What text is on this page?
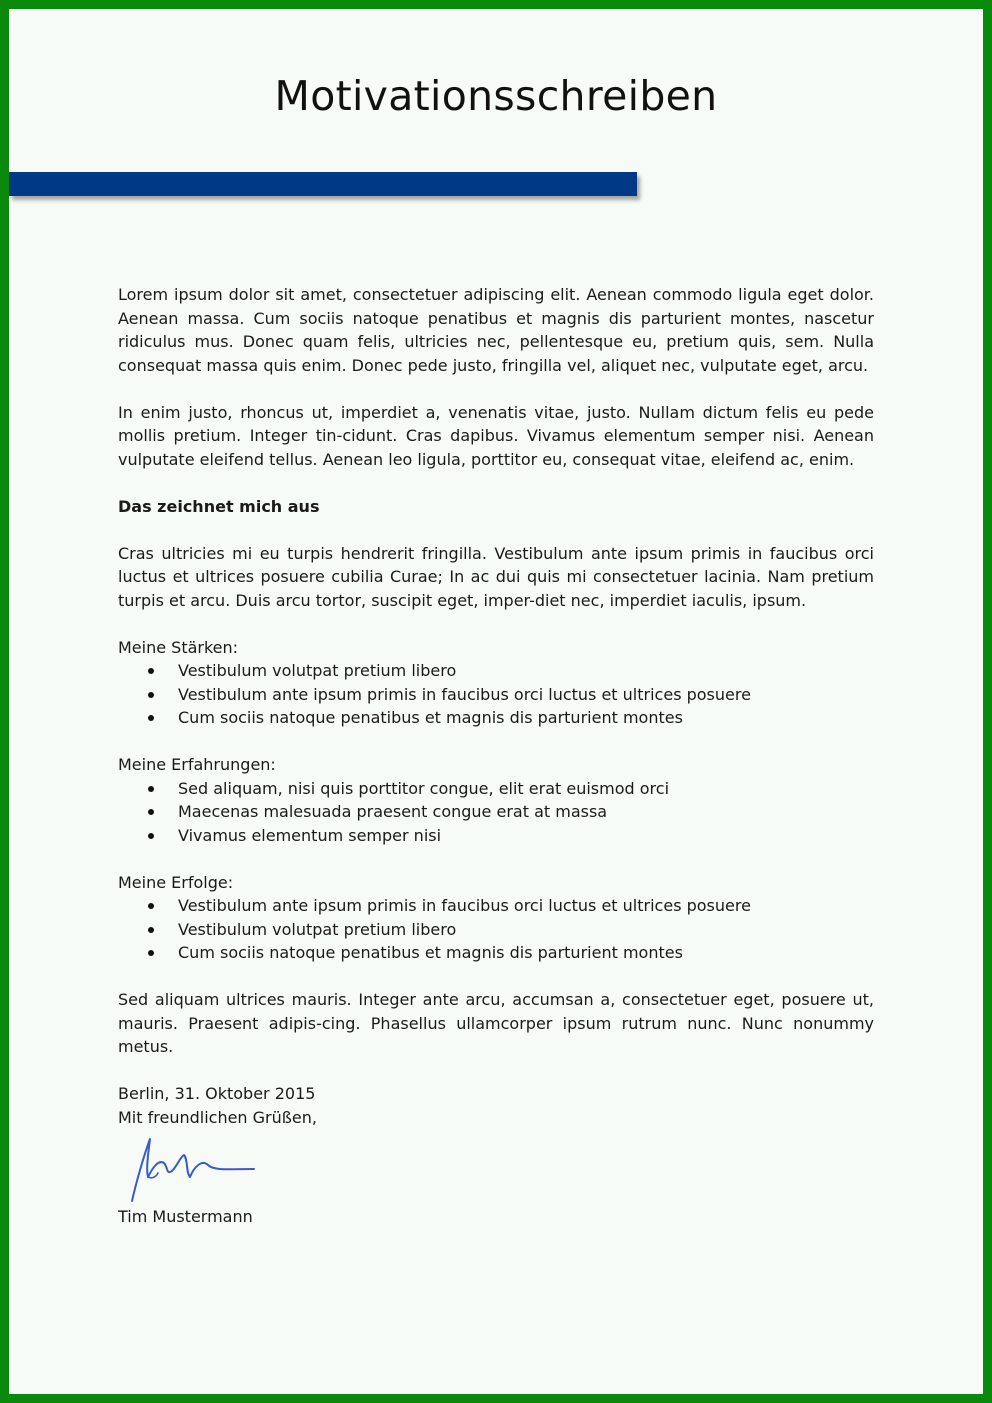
Motivationsschreiben

Lorem ipsum dolor sit amet, consectetuer adipiscing elit. Aenean commodo ligula eget dolor. Aenean massa. Cum sociis natoque penatibus et magnis dis parturient montes, nascetur ridiculus mus. Donec quam felis, ultricies nec, pellentesque eu, pretium quis, sem. Nulla consequat massa quis enim. Donec pede justo, fringilla vel, aliquet nec, vulputate eget, arcu.

In enim justo, rhoncus ut, imperdiet a, venenatis vitae, justo. Nullam dictum felis eu pede mollis pretium. Integer tin-cidunt. Cras dapibus. Vivamus elementum semper nisi. Aenean vulputate eleifend tellus. Aenean leo ligula, porttitor eu, consequat vitae, eleifend ac, enim.

Das zeichnet mich aus

Cras ultricies mi eu turpis hendrerit fringilla. Vestibulum ante ipsum primis in faucibus orci luctus et ultrices posuere cubilia Curae; In ac dui quis mi consectetuer lacinia. Nam pretium turpis et arcu. Duis arcu tortor, suscipit eget, imper-diet nec, imperdiet iaculis, ipsum.

Meine Stärken:

Vestibulum volutpat pretium libero
Vestibulum ante ipsum primis in faucibus orci luctus et ultrices posuere
Cum sociis natoque penatibus et magnis dis parturient montes

Meine Erfahrungen:

Sed aliquam, nisi quis porttitor congue, elit erat euismod orci
Maecenas malesuada praesent congue erat at massa
Vivamus elementum semper nisi

Meine Erfolge:

Vestibulum ante ipsum primis in faucibus orci luctus et ultrices posuere
Vestibulum volutpat pretium libero
Cum sociis natoque penatibus et magnis dis parturient montes

Sed aliquam ultrices mauris. Integer ante arcu, accumsan a, consectetuer eget, posuere ut, mauris. Praesent adipis-cing. Phasellus ullamcorper ipsum rutrum nunc. Nunc nonummy metus.

Berlin, 31. Oktober 2015

Mit freundlichen Grüßen,

Tim Mustermann
